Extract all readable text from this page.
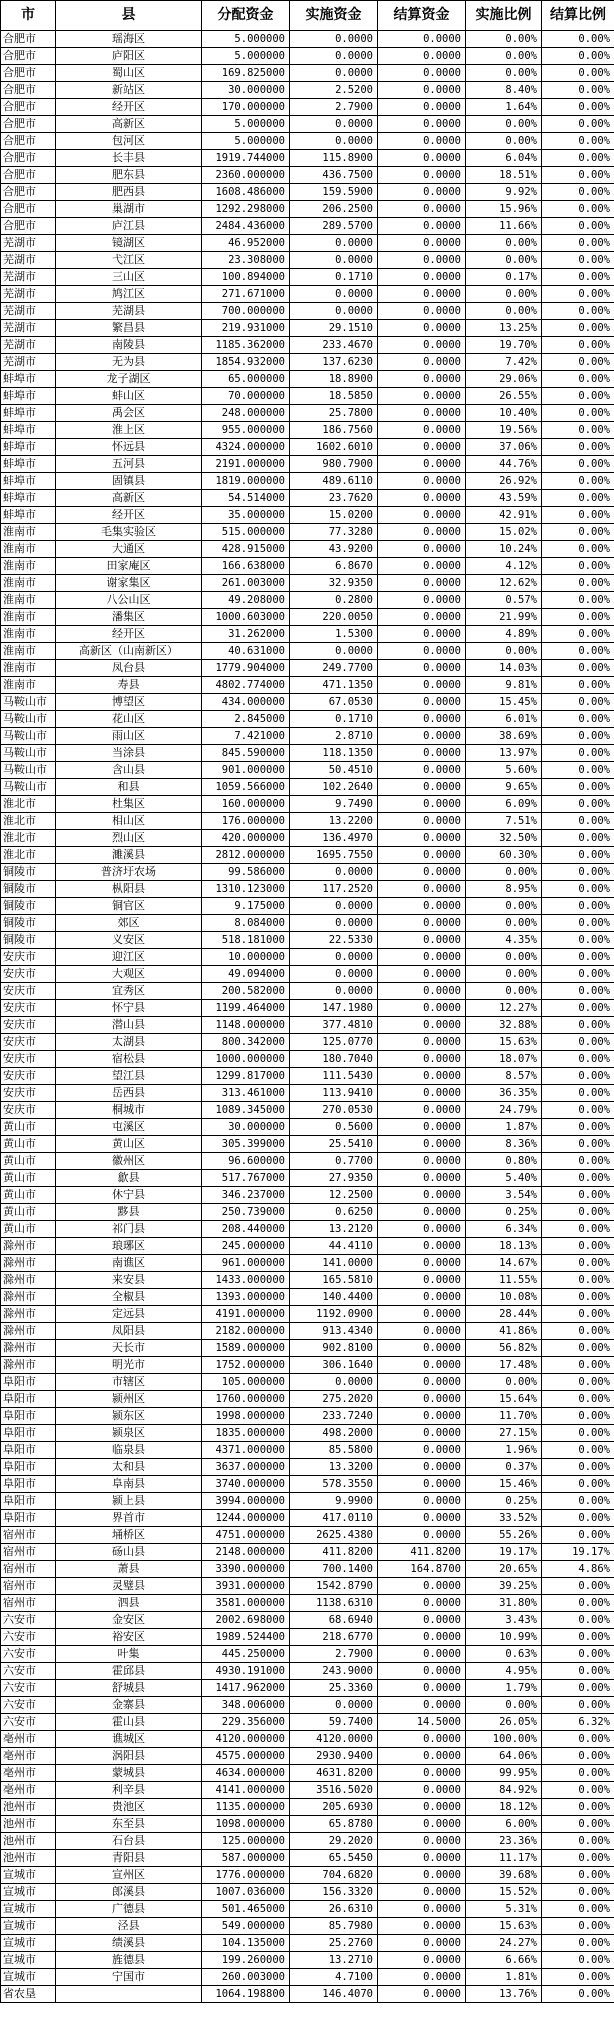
市	县	分配资金	实施资金	结算资金	实施比例	结算比例
合肥市	瑶海区	5.000000	0.0000	0.0000	0.00%	0.00%
合肥市	庐阳区	5.000000	0.0000	0.0000	0.00%	0.00%
合肥市	蜀山区	169.825000	0.0000	0.0000	0.00%	0.00%
合肥市	新站区	30.000000	2.5200	0.0000	8.40%	0.00%
合肥市	经开区	170.000000	2.7900	0.0000	1.64%	0.00%
合肥市	高新区	5.000000	0.0000	0.0000	0.00%	0.00%
合肥市	包河区	5.000000	0.0000	0.0000	0.00%	0.00%
合肥市	长丰县	1919.744000	115.8900	0.0000	6.04%	0.00%
合肥市	肥东县	2360.000000	436.7500	0.0000	18.51%	0.00%
合肥市	肥西县	1608.486000	159.5900	0.0000	9.92%	0.00%
合肥市	巢湖市	1292.298000	206.2500	0.0000	15.96%	0.00%
合肥市	庐江县	2484.436000	289.5700	0.0000	11.66%	0.00%
芜湖市	镜湖区	46.952000	0.0000	0.0000	0.00%	0.00%
芜湖市	弋江区	23.308000	0.0000	0.0000	0.00%	0.00%
芜湖市	三山区	100.894000	0.1710	0.0000	0.17%	0.00%
芜湖市	鸠江区	271.671000	0.0000	0.0000	0.00%	0.00%
芜湖市	芜湖县	700.000000	0.0000	0.0000	0.00%	0.00%
芜湖市	繁昌县	219.931000	29.1510	0.0000	13.25%	0.00%
芜湖市	南陵县	1185.362000	233.4670	0.0000	19.70%	0.00%
芜湖市	无为县	1854.932000	137.6230	0.0000	7.42%	0.00%
蚌埠市	龙子湖区	65.000000	18.8900	0.0000	29.06%	0.00%
蚌埠市	蚌山区	70.000000	18.5850	0.0000	26.55%	0.00%
蚌埠市	禹会区	248.000000	25.7800	0.0000	10.40%	0.00%
蚌埠市	淮上区	955.000000	186.7560	0.0000	19.56%	0.00%
蚌埠市	怀远县	4324.000000	1602.6010	0.0000	37.06%	0.00%
蚌埠市	五河县	2191.000000	980.7900	0.0000	44.76%	0.00%
蚌埠市	固镇县	1819.000000	489.6110	0.0000	26.92%	0.00%
蚌埠市	高新区	54.514000	23.7620	0.0000	43.59%	0.00%
蚌埠市	经开区	35.000000	15.0200	0.0000	42.91%	0.00%
淮南市	毛集实验区	515.000000	77.3280	0.0000	15.02%	0.00%
淮南市	大通区	428.915000	43.9200	0.0000	10.24%	0.00%
淮南市	田家庵区	166.638000	6.8670	0.0000	4.12%	0.00%
淮南市	谢家集区	261.003000	32.9350	0.0000	12.62%	0.00%
淮南市	八公山区	49.208000	0.2800	0.0000	0.57%	0.00%
淮南市	潘集区	1000.603000	220.0050	0.0000	21.99%	0.00%
淮南市	经开区	31.262000	1.5300	0.0000	4.89%	0.00%
淮南市	高新区（山南新区）	40.631000	0.0000	0.0000	0.00%	0.00%
淮南市	凤台县	1779.904000	249.7700	0.0000	14.03%	0.00%
淮南市	寿县	4802.774000	471.1350	0.0000	9.81%	0.00%
马鞍山市	博望区	434.000000	67.0530	0.0000	15.45%	0.00%
马鞍山市	花山区	2.845000	0.1710	0.0000	6.01%	0.00%
马鞍山市	雨山区	7.421000	2.8710	0.0000	38.69%	0.00%
马鞍山市	当涂县	845.590000	118.1350	0.0000	13.97%	0.00%
马鞍山市	含山县	901.000000	50.4510	0.0000	5.60%	0.00%
马鞍山市	和县	1059.566000	102.2640	0.0000	9.65%	0.00%
淮北市	杜集区	160.000000	9.7490	0.0000	6.09%	0.00%
淮北市	相山区	176.000000	13.2200	0.0000	7.51%	0.00%
淮北市	烈山区	420.000000	136.4970	0.0000	32.50%	0.00%
淮北市	濉溪县	2812.000000	1695.7550	0.0000	60.30%	0.00%
铜陵市	普济圩农场	99.586000	0.0000	0.0000	0.00%	0.00%
铜陵市	枞阳县	1310.123000	117.2520	0.0000	8.95%	0.00%
铜陵市	铜官区	9.175000	0.0000	0.0000	0.00%	0.00%
铜陵市	郊区	8.084000	0.0000	0.0000	0.00%	0.00%
铜陵市	义安区	518.181000	22.5330	0.0000	4.35%	0.00%
安庆市	迎江区	10.000000	0.0000	0.0000	0.00%	0.00%
安庆市	大观区	49.094000	0.0000	0.0000	0.00%	0.00%
安庆市	宜秀区	200.582000	0.0000	0.0000	0.00%	0.00%
安庆市	怀宁县	1199.464000	147.1980	0.0000	12.27%	0.00%
安庆市	潜山县	1148.000000	377.4810	0.0000	32.88%	0.00%
安庆市	太湖县	800.342000	125.0770	0.0000	15.63%	0.00%
安庆市	宿松县	1000.000000	180.7040	0.0000	18.07%	0.00%
安庆市	望江县	1299.817000	111.5430	0.0000	8.57%	0.00%
安庆市	岳西县	313.461000	113.9410	0.0000	36.35%	0.00%
安庆市	桐城市	1089.345000	270.0530	0.0000	24.79%	0.00%
黄山市	屯溪区	30.000000	0.5600	0.0000	1.87%	0.00%
黄山市	黄山区	305.399000	25.5410	0.0000	8.36%	0.00%
黄山市	徽州区	96.600000	0.7700	0.0000	0.80%	0.00%
黄山市	歙县	517.767000	27.9350	0.0000	5.40%	0.00%
黄山市	休宁县	346.237000	12.2500	0.0000	3.54%	0.00%
黄山市	黟县	250.739000	0.6250	0.0000	0.25%	0.00%
黄山市	祁门县	208.440000	13.2120	0.0000	6.34%	0.00%
滁州市	琅琊区	245.000000	44.4110	0.0000	18.13%	0.00%
滁州市	南谯区	961.000000	141.0000	0.0000	14.67%	0.00%
滁州市	来安县	1433.000000	165.5810	0.0000	11.55%	0.00%
滁州市	全椒县	1393.000000	140.4400	0.0000	10.08%	0.00%
滁州市	定远县	4191.000000	1192.0900	0.0000	28.44%	0.00%
滁州市	凤阳县	2182.000000	913.4340	0.0000	41.86%	0.00%
滁州市	天长市	1589.000000	902.8100	0.0000	56.82%	0.00%
滁州市	明光市	1752.000000	306.1640	0.0000	17.48%	0.00%
阜阳市	市辖区	105.000000	0.0000	0.0000	0.00%	0.00%
阜阳市	颍州区	1760.000000	275.2020	0.0000	15.64%	0.00%
阜阳市	颍东区	1998.000000	233.7240	0.0000	11.70%	0.00%
阜阳市	颍泉区	1835.000000	498.2000	0.0000	27.15%	0.00%
阜阳市	临泉县	4371.000000	85.5800	0.0000	1.96%	0.00%
阜阳市	太和县	3637.000000	13.3200	0.0000	0.37%	0.00%
阜阳市	阜南县	3740.000000	578.3550	0.0000	15.46%	0.00%
阜阳市	颍上县	3994.000000	9.9900	0.0000	0.25%	0.00%
阜阳市	界首市	1244.000000	417.0110	0.0000	33.52%	0.00%
宿州市	埇桥区	4751.000000	2625.4380	0.0000	55.26%	0.00%
宿州市	砀山县	2148.000000	411.8200	411.8200	19.17%	19.17%
宿州市	萧县	3390.000000	700.1400	164.8700	20.65%	4.86%
宿州市	灵璧县	3931.000000	1542.8790	0.0000	39.25%	0.00%
宿州市	泗县	3581.000000	1138.6310	0.0000	31.80%	0.00%
六安市	金安区	2002.698000	68.6940	0.0000	3.43%	0.00%
六安市	裕安区	1989.524400	218.6770	0.0000	10.99%	0.00%
六安市	叶集	445.250000	2.7900	0.0000	0.63%	0.00%
六安市	霍邱县	4930.191000	243.9000	0.0000	4.95%	0.00%
六安市	舒城县	1417.962000	25.3360	0.0000	1.79%	0.00%
六安市	金寨县	348.006000	0.0000	0.0000	0.00%	0.00%
六安市	霍山县	229.356000	59.7400	14.5000	26.05%	6.32%
亳州市	谯城区	4120.000000	4120.0000	0.0000	100.00%	0.00%
亳州市	涡阳县	4575.000000	2930.9400	0.0000	64.06%	0.00%
亳州市	蒙城县	4634.000000	4631.8200	0.0000	99.95%	0.00%
亳州市	利辛县	4141.000000	3516.5020	0.0000	84.92%	0.00%
池州市	贵池区	1135.000000	205.6930	0.0000	18.12%	0.00%
池州市	东至县	1098.000000	65.8780	0.0000	6.00%	0.00%
池州市	石台县	125.000000	29.2020	0.0000	23.36%	0.00%
池州市	青阳县	587.000000	65.5450	0.0000	11.17%	0.00%
宣城市	宣州区	1776.000000	704.6820	0.0000	39.68%	0.00%
宣城市	郎溪县	1007.036000	156.3320	0.0000	15.52%	0.00%
宣城市	广德县	501.465000	26.6310	0.0000	5.31%	0.00%
宣城市	泾县	549.000000	85.7980	0.0000	15.63%	0.00%
宣城市	绩溪县	104.135000	25.2760	0.0000	24.27%	0.00%
宣城市	旌德县	199.260000	13.2710	0.0000	6.66%	0.00%
宣城市	宁国市	260.003000	4.7100	0.0000	1.81%	0.00%
省农垦		1064.198800	146.4070	0.0000	13.76%	0.00%
